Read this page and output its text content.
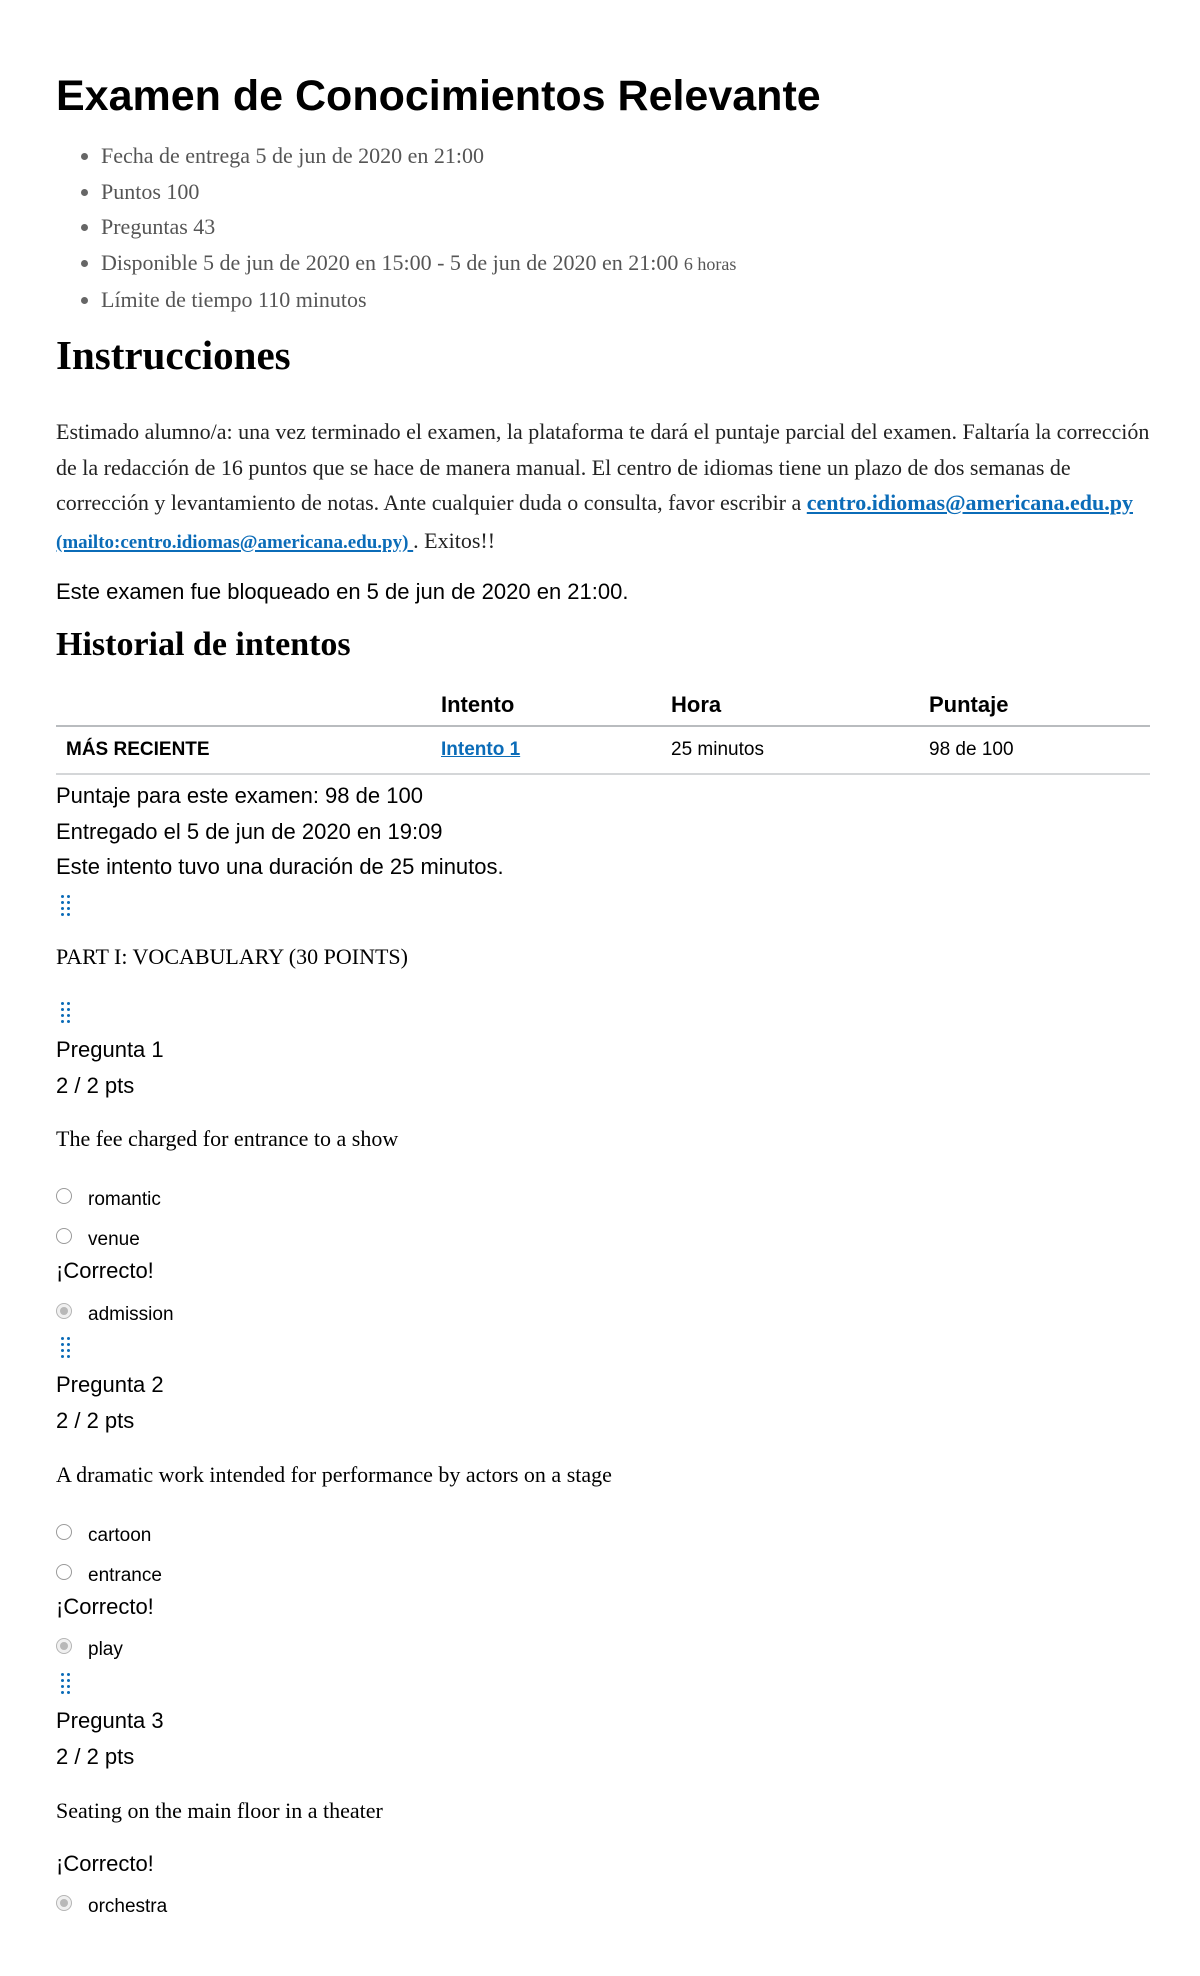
Examen de Conocimientos Relevante
• Fecha de entrega 5 de jun de 2020 en 21:00
• Puntos 100
• Preguntas 43
• Disponible 5 de jun de 2020 en 15:00 - 5 de jun de 2020 en 21:00 6 horas
• Límite de tiempo 110 minutos
Instrucciones

Estimado alumno/a: una vez terminado el examen, la plataforma te dará el puntaje parcial del examen. Faltaría la corrección de la redacción de 16 puntos que se hace de manera manual. El centro de idiomas tiene un plazo de dos semanas de corrección y levantamiento de notas. Ante cualquier duda o consulta, favor escribir a centro.idiomas@americana.edu.py (mailto:centro.idiomas@americana.edu.py) . Exitos!!

Este examen fue bloqueado en 5 de jun de 2020 en 21:00.
Historial de intentos
	Intento	Hora	Puntaje
MÁS RECIENTE	Intento 1	25 minutos	98 de 100
Puntaje para este examen: 98 de 100
Entregado el 5 de jun de 2020 en 19:09
Este intento tuvo una duración de 25 minutos.
PART I: VOCABULARY (30 POINTS)
Pregunta 1
2 / 2 pts
The fee charged for entrance to a show
romantic
venue
¡Correcto!
admission
Pregunta 2
2 / 2 pts
A dramatic work intended for performance by actors on a stage
cartoon
entrance
¡Correcto!
play
Pregunta 3
2 / 2 pts
Seating on the main floor in a theater
¡Correcto!
orchestra
